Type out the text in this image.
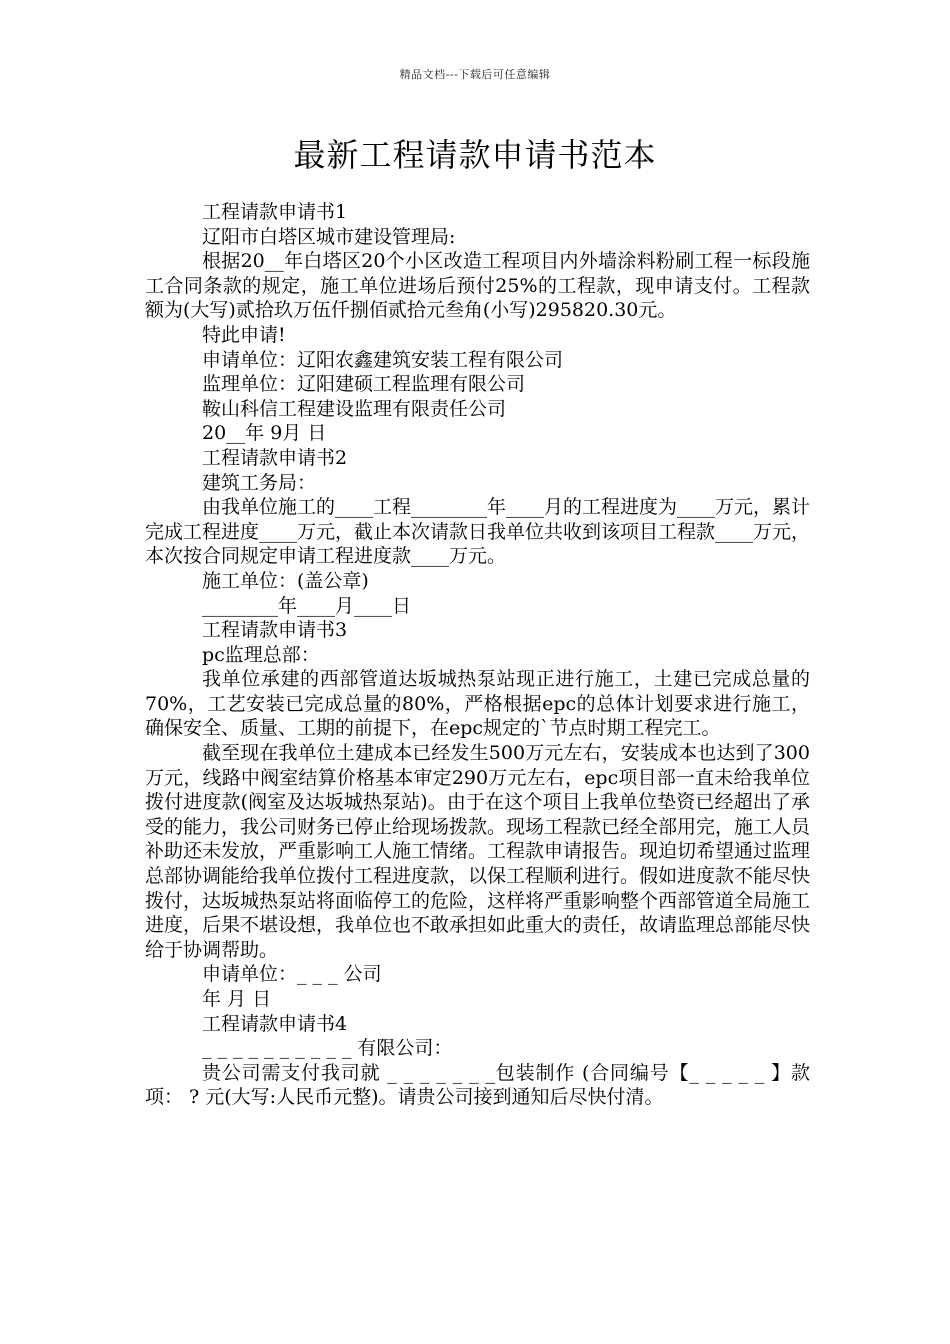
精品文档---下载后可任意编辑
最新工程请款申请书范本

工程请款申请书1

辽阳市白塔区城市建设管理局:

根据20__年白塔区20个小区改造工程项目内外墙涂料粉刷工程一标段施工合同条款的规定，施工单位进场后预付25%的工程款，现申请支付。工程款额为(大写)贰拾玖万伍仟捌佰贰拾元叁角(小写)295820.30元。

特此申请!

申请单位：辽阳农鑫建筑安装工程有限公司

监理单位：辽阳建硕工程监理有限公司

鞍山科信工程建设监理有限责任公司

20__年 9月 日

工程请款申请书2

建筑工务局：

由我单位施工的____工程________年____月的工程进度为____万元，累计完成工程进度____万元，截止本次请款日我单位共收到该项目工程款____万元，本次按合同规定申请工程进度款____万元。

施工单位：(盖公章)

________年____月____日

工程请款申请书3

pc监理总部：

我单位承建的西部管道达坂城热泵站现正进行施工，土建已完成总量的70%，工艺安装已完成总量的80%，严格根据epc的总体计划要求进行施工，确保安全、质量、工期的前提下，在epc规定的`节点时期工程完工。

截至现在我单位土建成本已经发生500万元左右，安装成本也达到了300万元，线路中阀室结算价格基本审定290万元左右，epc项目部一直未给我单位拨付进度款(阀室及达坂城热泵站)。由于在这个项目上我单位垫资已经超出了承受的能力，我公司财务已停止给现场拨款。现场工程款已经全部用完，施工人员补助还未发放，严重影响工人施工情绪。工程款申请报告。现迫切希望通过监理总部协调能给我单位拨付工程进度款，以保工程顺利进行。假如进度款不能尽快拨付，达坂城热泵站将面临停工的危险，这样将严重影响整个西部管道全局施工进度，后果不堪设想，我单位也不敢承担如此重大的责任，故请监理总部能尽快给于协调帮助。

申请单位：_ _ _ 公司

年 月 日

工程请款申请书4

_ _ _ _ _ _ _ _ _ _ 有限公司：

贵公司需支付我司就 _ _ _ _ _ _ _包装制作 (合同编号【_ _ _ _ _ 】款项： ? 元(大写:人民币元整)。请贵公司接到通知后尽快付清。
